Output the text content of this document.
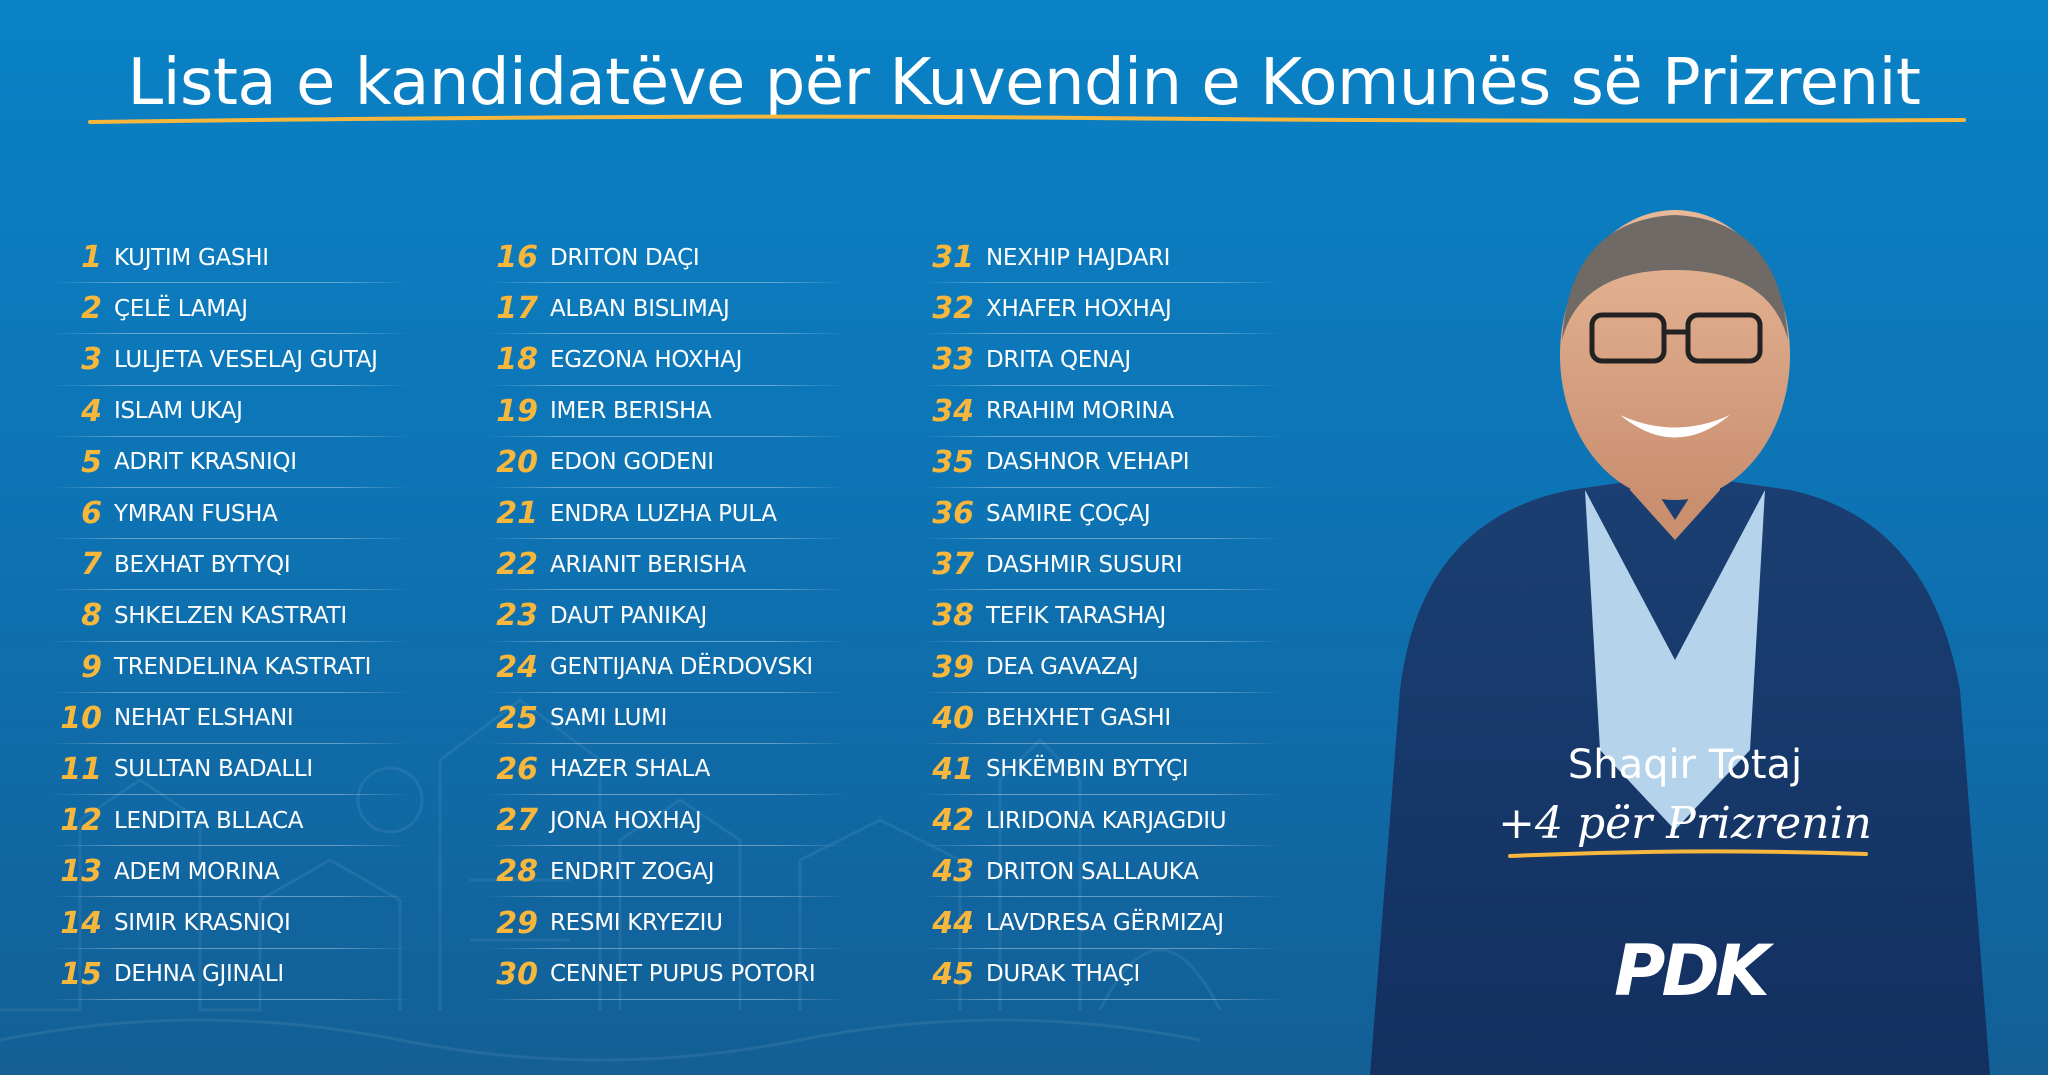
Lista e kandidatëve për Kuvendin e Komunës së Prizrenit
1 KUJTIM GASHI
2 ÇELË LAMAJ
3 LULJETA VESELAJ GUTAJ
4 ISLAM UKAJ
5 ADRIT KRASNIQI
6 YMRAN FUSHA
7 BEXHAT BYTYQI
8 SHKELZEN KASTRATI
9 TRENDELINA KASTRATI
10 NEHAT ELSHANI
11 SULLTAN BADALLI
12 LENDITA BLLACA
13 ADEM MORINA
14 SIMIR KRASNIQI
15 DEHNA GJINALI
16 DRITON DAÇI
17 ALBAN BISLIMAJ
18 EGZONA HOXHAJ
19 IMER BERISHA
20 EDON GODENI
21 ENDRA LUZHA PULA
22 ARIANIT BERISHA
23 DAUT PANIKAJ
24 GENTIJANA DËRDOVSKI
25 SAMI LUMI
26 HAZER SHALA
27 JONA HOXHAJ
28 ENDRIT ZOGAJ
29 RESMI KRYEZIU
30 CENNET PUPUS POTORI
31 NEXHIP HAJDARI
32 XHAFER HOXHAJ
33 DRITA QENAJ
34 RRAHIM MORINA
35 DASHNOR VEHAPI
36 SAMIRE ÇOÇAJ
37 DASHMIR SUSURI
38 TEFIK TARASHAJ
39 DEA GAVAZAJ
40 BEHXHET GASHI
41 SHKËMBIN BYTYÇI
42 LIRIDONA KARJAGDIU
43 DRITON SALLAUKA
44 LAVDRESA GËRMIZAJ
45 DURAK THAÇI
Shaqir Totaj
+4 për Prizrenin
PDK
